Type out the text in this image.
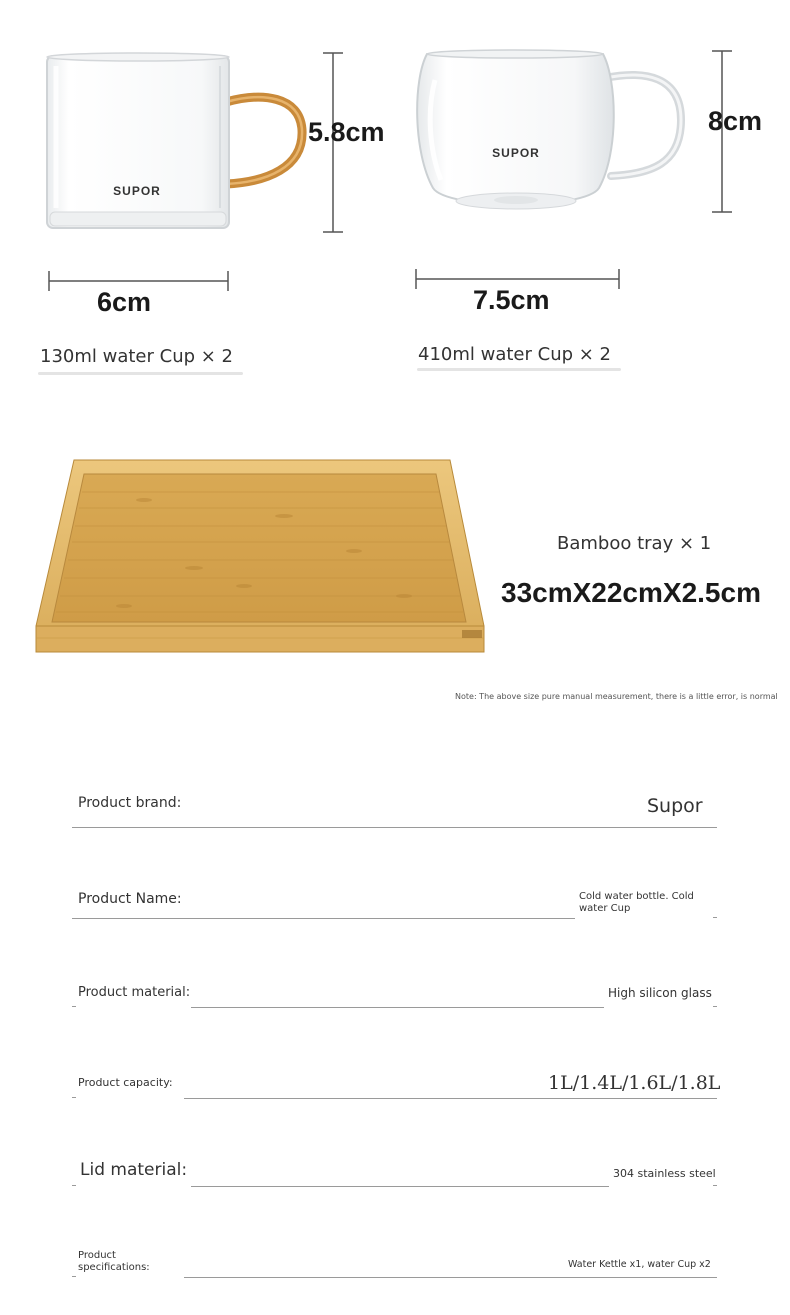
SUPOR
5.8cm
6cm
130ml water Cup × 2
SUPOR
8cm
7.5cm
410ml water Cup × 2
Bamboo tray × 1
33cmX22cmX2.5cm
Note: The above size pure manual measurement, there is a little error, is normal
Product brand:	Supor
Product Name:	Cold water bottle. Cold water Cup
Product material:	High silicon glass
Product capacity:	1L/1.4L/1.6L/1.8L
Lid material:	304 stainless steel
Product specifications:	Water Kettle x1, water Cup x2
